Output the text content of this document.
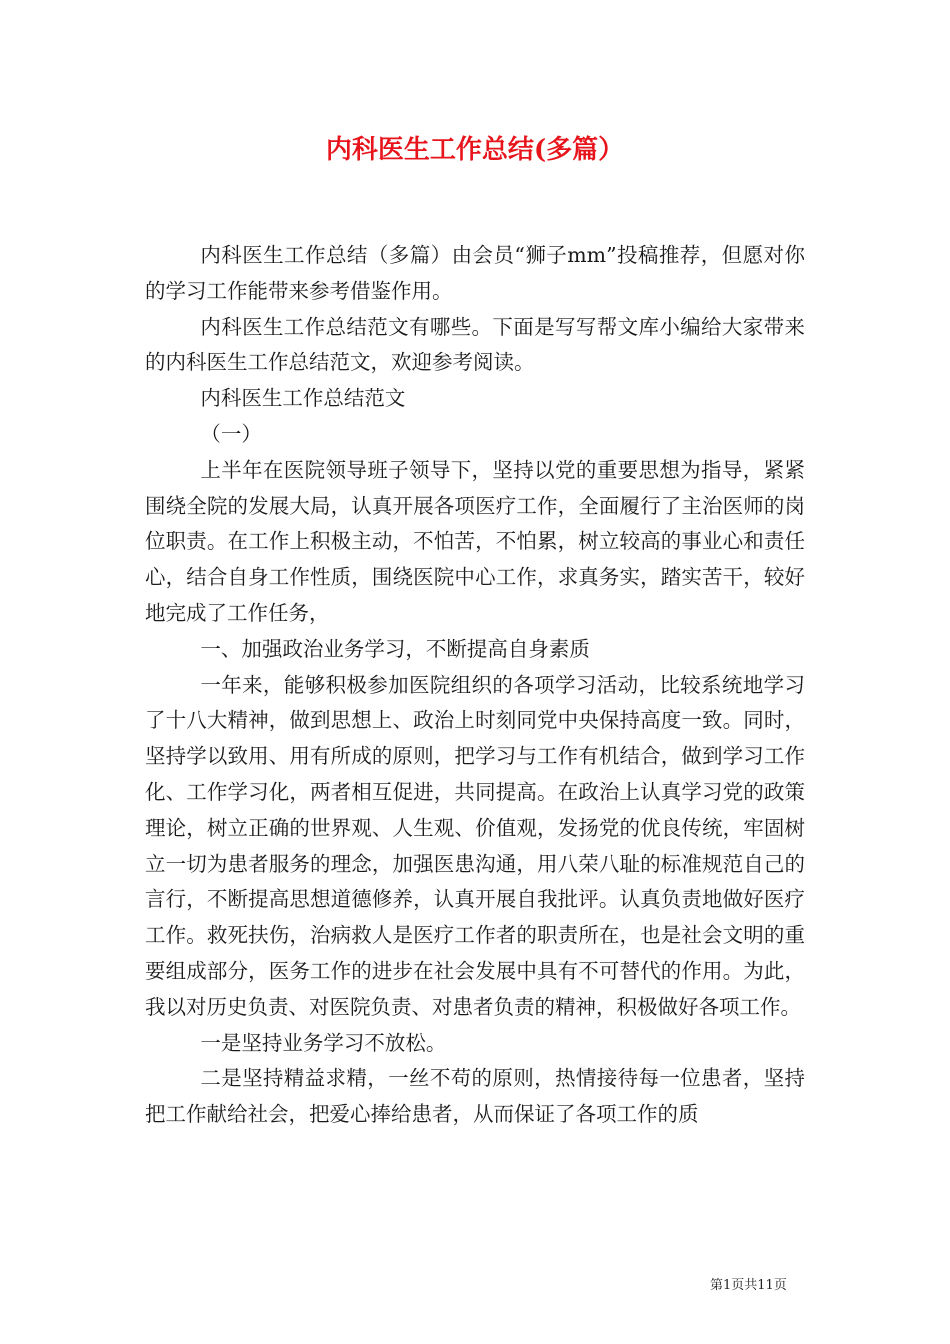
内科医生工作总结(多篇）

内科医生工作总结（多篇）由会员“狮子mm”投稿推荐，但愿对你的学习工作能带来参考借鉴作用。

内科医生工作总结范文有哪些。下面是写写帮文库小编给大家带来的内科医生工作总结范文，欢迎参考阅读。

内科医生工作总结范文

（一）

上半年在医院领导班子领导下，坚持以党的重要思想为指导，紧紧围绕全院的发展大局，认真开展各项医疗工作，全面履行了主治医师的岗位职责。在工作上积极主动，不怕苦，不怕累，树立较高的事业心和责任心，结合自身工作性质，围绕医院中心工作，求真务实，踏实苦干，较好地完成了工作任务，

一、加强政治业务学习，不断提高自身素质

一年来，能够积极参加医院组织的各项学习活动，比较系统地学习了十八大精神，做到思想上、政治上时刻同党中央保持高度一致。同时，坚持学以致用、用有所成的原则，把学习与工作有机结合，做到学习工作化、工作学习化，两者相互促进，共同提高。在政治上认真学习党的政策理论，树立正确的世界观、人生观、价值观，发扬党的优良传统，牢固树立一切为患者服务的理念，加强医患沟通，用八荣八耻的标准规范自己的言行，不断提高思想道德修养，认真开展自我批评。认真负责地做好医疗工作。救死扶伤，治病救人是医疗工作者的职责所在，也是社会文明的重要组成部分，医务工作的进步在社会发展中具有不可替代的作用。为此，我以对历史负责、对医院负责、对患者负责的精神，积极做好各项工作。

一是坚持业务学习不放松。

二是坚持精益求精，一丝不苟的原则，热情接待每一位患者，坚持把工作献给社会，把爱心捧给患者，从而保证了各项工作的质

第1页共11页
